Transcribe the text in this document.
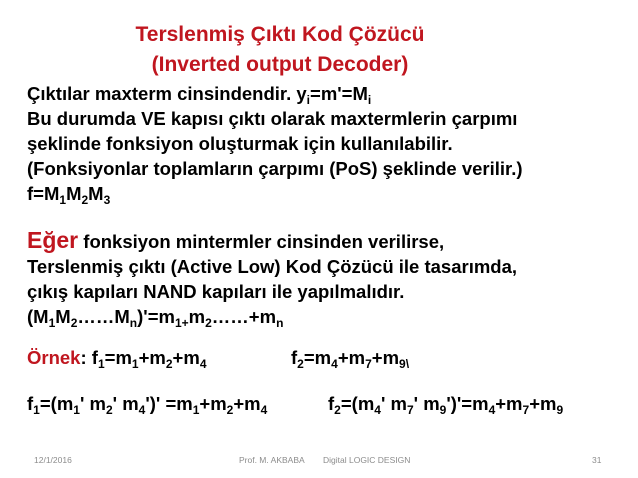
Terslenmiş Çıktı Kod Çözücü
(Inverted output Decoder)
Çıktılar maxterm cinsindendir. $y_i=m'=M_i$
Bu durumda VE kapısı çıktı olarak maxtermlerin çarpımı
şeklinde fonksiyon oluşturmak için kullanılabilir.
(Fonksiyonlar toplamların çarpımı (PoS) şeklinde verilir.)
$f=M_1M_2M_3$
Eğer fonksiyon mintermler cinsinden verilirse,
Terslenmiş çıktı (Active Low) Kod Çözücü ile tasarımda,
çıkış kapıları NAND kapıları ile yapılmalıdır.
$(M_1M_2\dots\dots M_n)'=m_{1+}m_2\dots\dots+m_n$
Örnek: $f_1=m_1+m_2+m_4$	$f_2=m_4+m_7+m_{9\backslash}$
$f_1=(m_1'$ $m_2'$ $m_4')' =m_1+m_2+m_4$	$f_2=(m_4'$ $m_7'$ $m_9')'=m_4+m_7+m_9$
12/1/2016	Prof. M. AKBABA Digital LOGIC DESIGN	31
